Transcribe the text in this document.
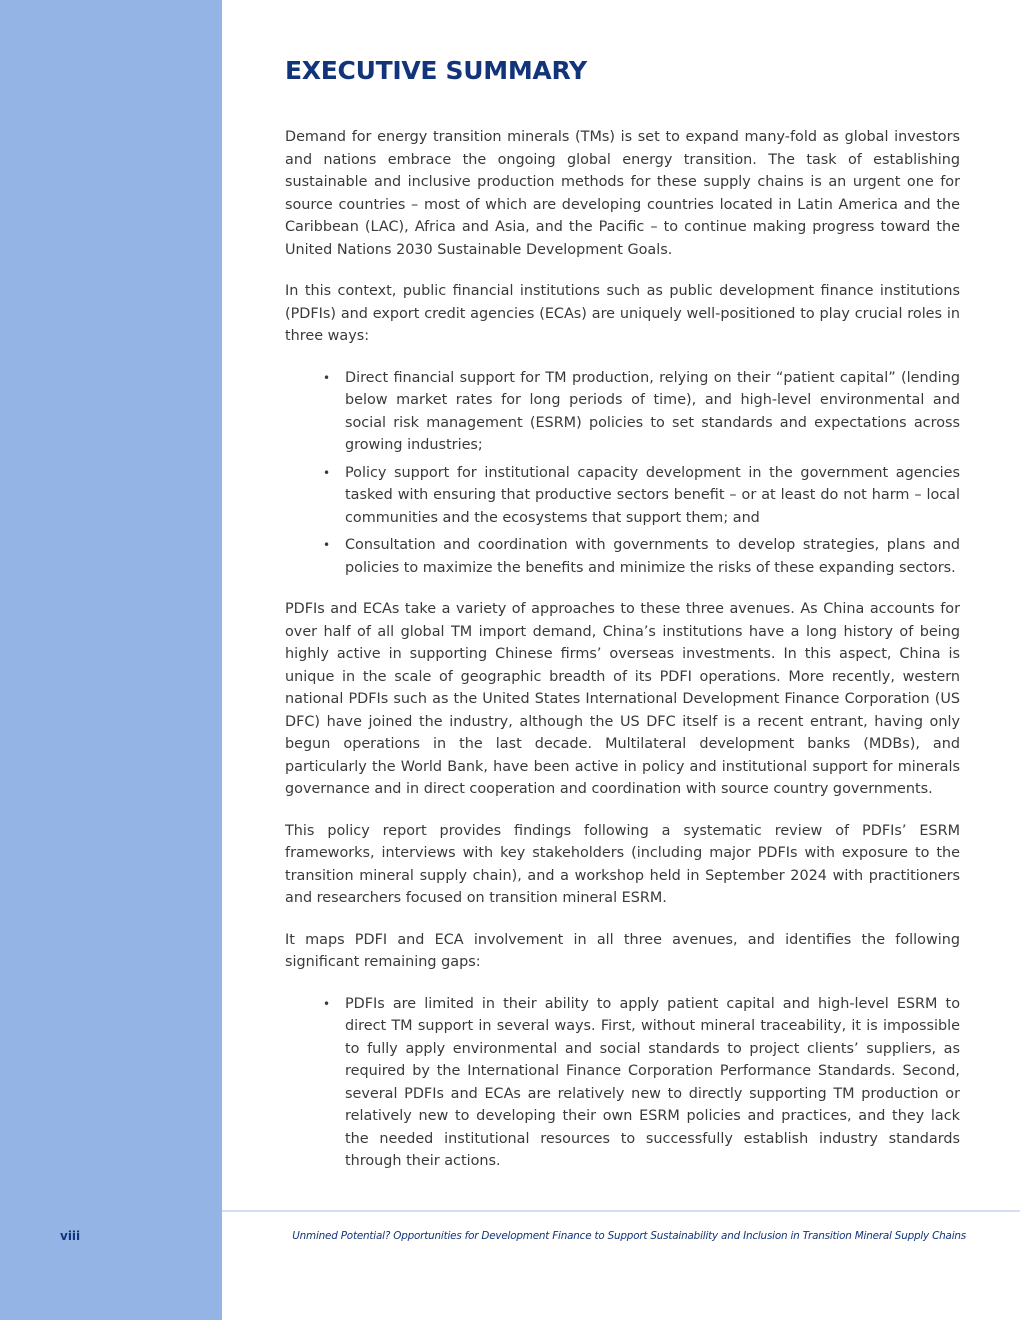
EXECUTIVE SUMMARY

Demand for energy transition minerals (TMs) is set to expand many-fold as global investors and nations embrace the ongoing global energy transition. The task of establishing sustainable and inclusive production methods for these supply chains is an urgent one for source countries – most of which are developing countries located in Latin America and the Caribbean (LAC), Africa and Asia, and the Pacific – to continue making progress toward the United Nations 2030 Sustainable Development Goals.

In this context, public financial institutions such as public development finance institutions (PDFIs) and export credit agencies (ECAs) are uniquely well-positioned to play crucial roles in three ways:

• Direct financial support for TM production, relying on their “patient capital” (lending below market rates for long periods of time), and high-level environmental and social risk management (ESRM) policies to set standards and expectations across growing industries;
• Policy support for institutional capacity development in the government agencies tasked with ensuring that productive sectors benefit – or at least do not harm – local communities and the ecosystems that support them; and
• Consultation and coordination with governments to develop strategies, plans and policies to maximize the benefits and minimize the risks of these expanding sectors.

PDFIs and ECAs take a variety of approaches to these three avenues. As China accounts for over half of all global TM import demand, China’s institutions have a long history of being highly active in supporting Chinese firms’ overseas investments. In this aspect, China is unique in the scale of geographic breadth of its PDFI operations. More recently, western national PDFIs such as the United States International Development Finance Corporation (US DFC) have joined the industry, although the US DFC itself is a recent entrant, having only begun operations in the last decade. Multilateral development banks (MDBs), and particularly the World Bank, have been active in policy and institutional support for minerals governance and in direct cooperation and coordination with source country governments.

This policy report provides findings following a systematic review of PDFIs’ ESRM frameworks, interviews with key stakeholders (including major PDFIs with exposure to the transition mineral supply chain), and a workshop held in September 2024 with practitioners and researchers focused on transition mineral ESRM.

It maps PDFI and ECA involvement in all three avenues, and identifies the following significant remaining gaps:

• PDFIs are limited in their ability to apply patient capital and high-level ESRM to direct TM support in several ways. First, without mineral traceability, it is impossible to fully apply environmental and social standards to project clients’ suppliers, as required by the International Finance Corporation Performance Standards. Second, several PDFIs and ECAs are relatively new to directly supporting TM production or relatively new to developing their own ESRM policies and practices, and they lack the needed institutional resources to successfully establish industry standards through their actions.
viii	Unmined Potential? Opportunities for Development Finance to Support Sustainability and Inclusion in Transition Mineral Supply Chains
